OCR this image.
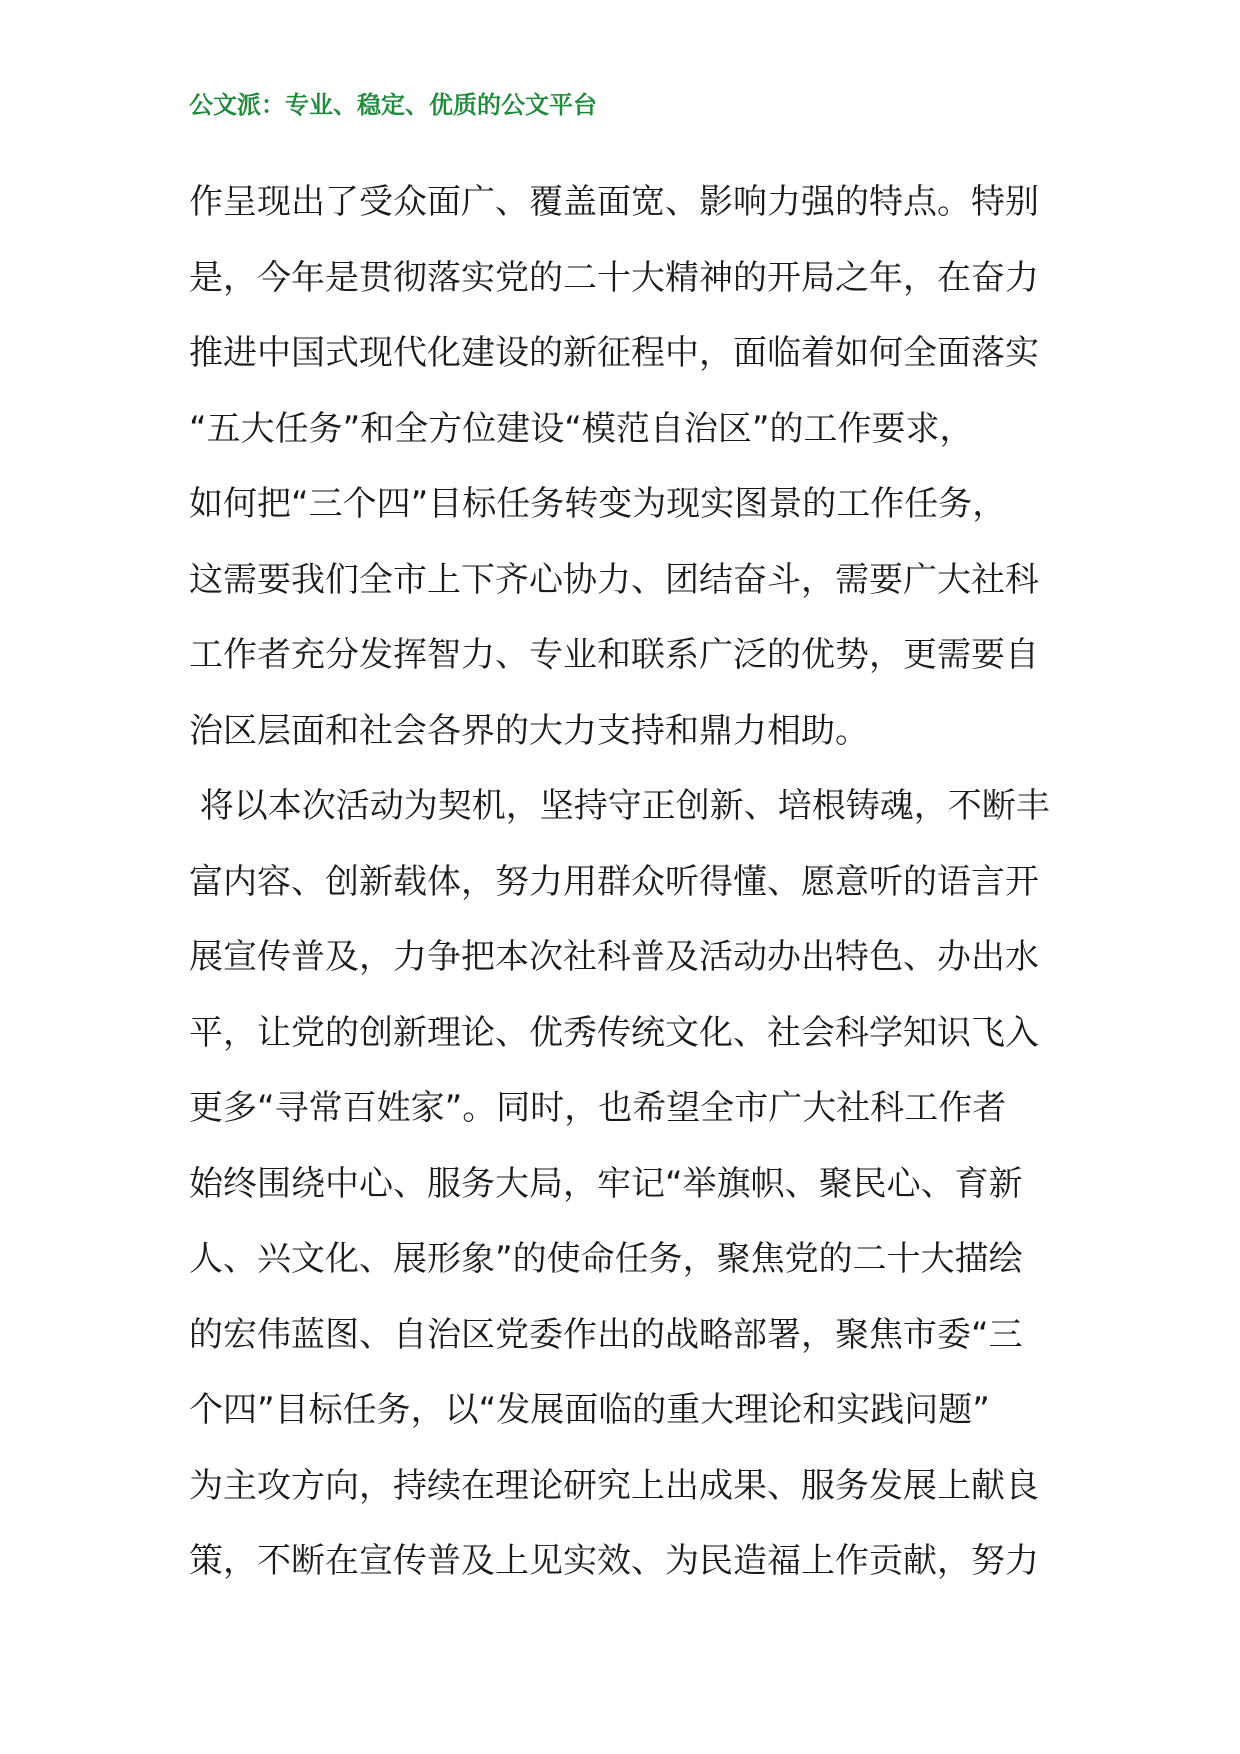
公文派：专业、稳定、优质的公文平台
作呈现出了受众面广、覆盖面宽、影响力强的特点。特别
是，今年是贯彻落实党的二十大精神的开局之年，在奋力
推进中国式现代化建设的新征程中，面临着如何全面落实
“五大任务”和全方位建设“模范自治区”的工作要求，
如何把“三个四”目标任务转变为现实图景的工作任务，
这需要我们全市上下齐心协力、团结奋斗，需要广大社科
工作者充分发挥智力、专业和联系广泛的优势，更需要自
治区层面和社会各界的大力支持和鼎力相助。
将以本次活动为契机，坚持守正创新、培根铸魂，不断丰
富内容、创新载体，努力用群众听得懂、愿意听的语言开
展宣传普及，力争把本次社科普及活动办出特色、办出水
平，让党的创新理论、优秀传统文化、社会科学知识飞入
更多“寻常百姓家”。同时，也希望全市广大社科工作者
始终围绕中心、服务大局，牢记“举旗帜、聚民心、育新
人、兴文化、展形象”的使命任务，聚焦党的二十大描绘
的宏伟蓝图、自治区党委作出的战略部署，聚焦市委“三
个四”目标任务，以“发展面临的重大理论和实践问题”
为主攻方向，持续在理论研究上出成果、服务发展上献良
策，不断在宣传普及上见实效、为民造福上作贡献，努力
